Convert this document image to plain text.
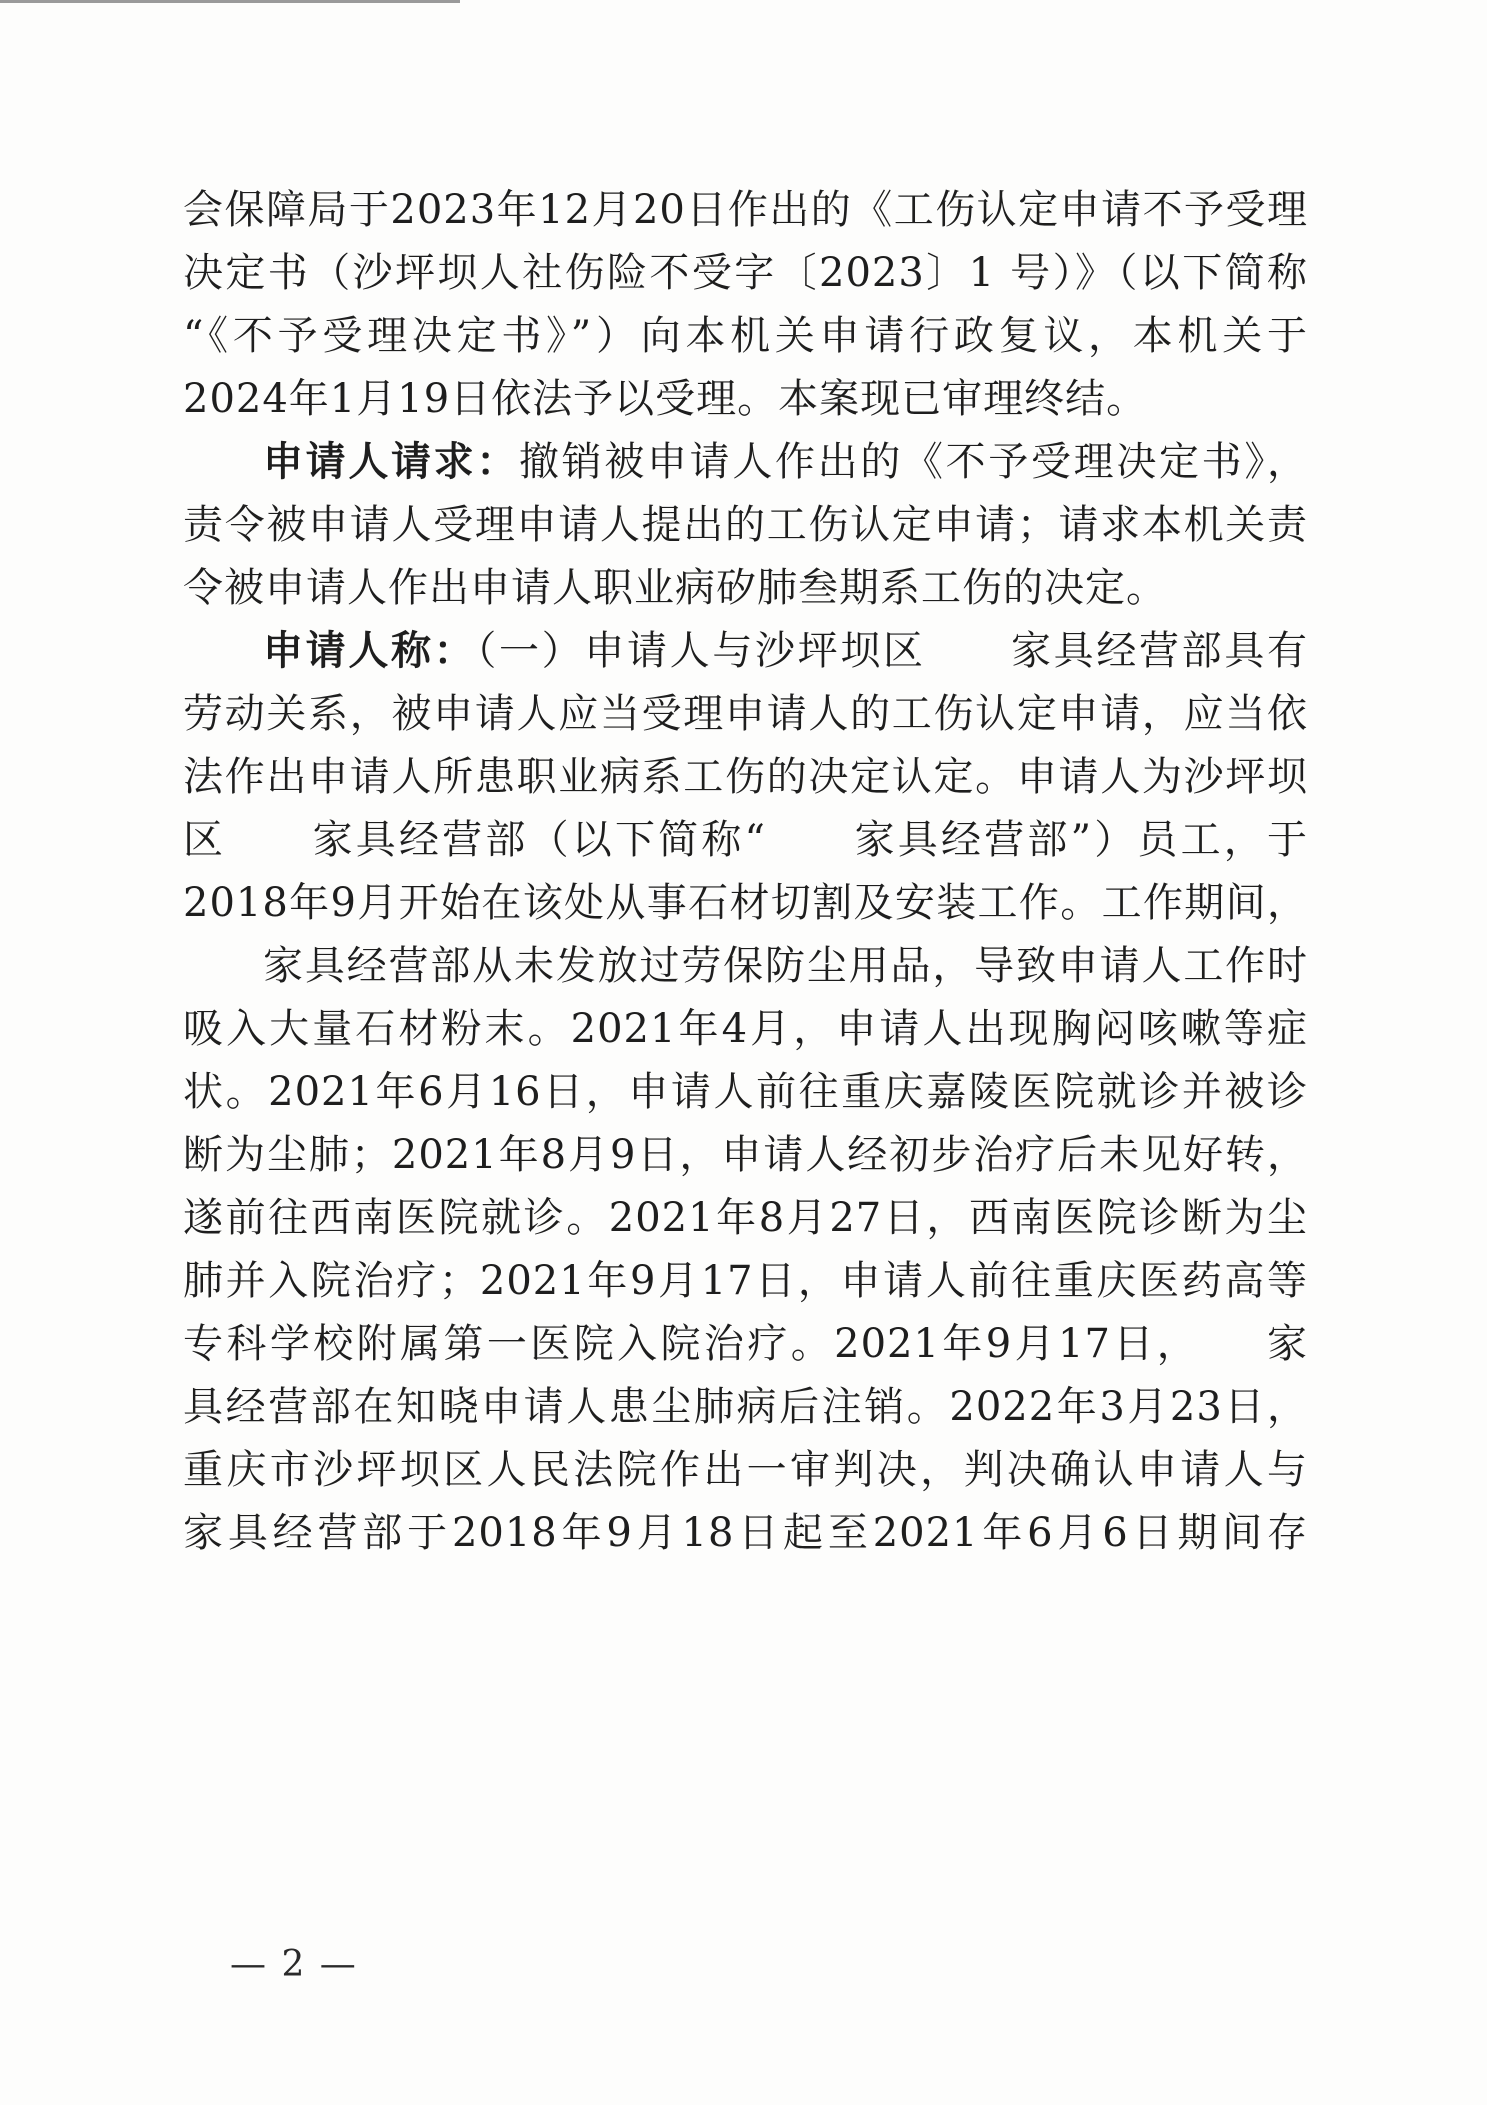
会保障局于2023年12月20日作出的《工伤认定申请不予受理
决定书（沙坪坝人社伤险不受字〔2023〕1 号）》（以下简称
“《不予受理决定书》”）向本机关申请行政复议，本机关于
2024年1月19日依法予以受理。本案现已审理终结。
申请人请求：撤销被申请人作出的《不予受理决定书》，
责令被申请人受理申请人提出的工伤认定申请；请求本机关责
令被申请人作出申请人职业病矽肺叁期系工伤的决定。
申请人称：（一）申请人与沙坪坝区　　家具经营部具有
劳动关系，被申请人应当受理申请人的工伤认定申请，应当依
法作出申请人所患职业病系工伤的决定认定。申请人为沙坪坝
区　　家具经营部（以下简称“　　家具经营部”）员工，于
2018年9月开始在该处从事石材切割及安装工作。工作期间，
家具经营部从未发放过劳保防尘用品，导致申请人工作时
吸入大量石材粉末。2021年4月，申请人出现胸闷咳嗽等症
状。2021年6月16日，申请人前往重庆嘉陵医院就诊并被诊
断为尘肺；2021年8月9日，申请人经初步治疗后未见好转，
遂前往西南医院就诊。2021年8月27日，西南医院诊断为尘
肺并入院治疗；2021年9月17日，申请人前往重庆医药高等
专科学校附属第一医院入院治疗。2021年9月17日，　　家
具经营部在知晓申请人患尘肺病后注销。2022年3月23日，
重庆市沙坪坝区人民法院作出一审判决，判决确认申请人与
家具经营部于2018年9月18日起至2021年6月6日期间存
— 2 —
